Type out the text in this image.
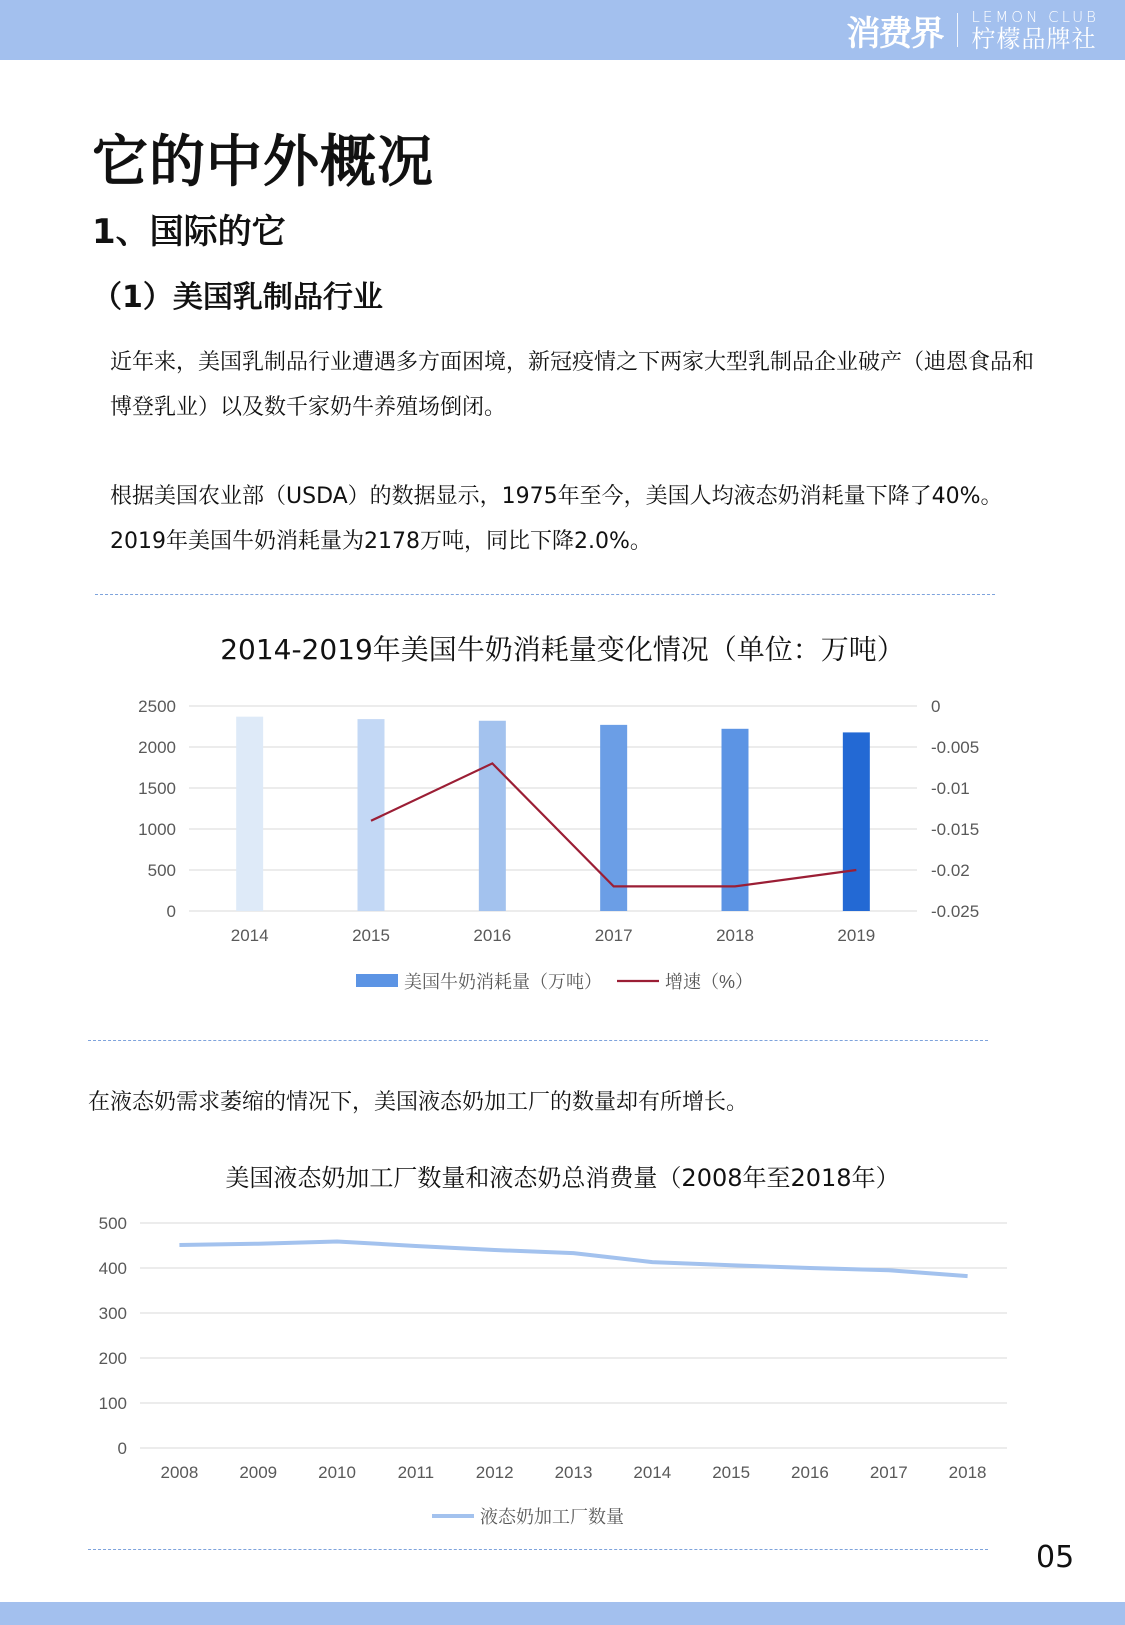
消费界 LEMON CLUB
柠檬品牌社
它的中外概况
1、国际的它
（1）美国乳制品行业

近年来，美国乳制品行业遭遇多方面困境，新冠疫情之下两家大型乳制品企业破产（迪恩食品和博登乳业）以及数千家奶牛养殖场倒闭。

根据美国农业部（USDA）的数据显示，1975年至今，美国人均液态奶消耗量下降了40%。2019年美国牛奶消耗量为2178万吨，同比下降2.0%。

2014-2019年美国牛奶消耗量变化情况（单位：万吨）
0
500
1000
1500
2000
2500
-0.025
-0.02
-0.015
-0.01
-0.005
0
2014	2015	2016	2017	2018	2019
美国牛奶消耗量（万吨）	增速（%）

在液态奶需求萎缩的情况下，美国液态奶加工厂的数量却有所增长。

美国液态奶加工厂数量和液态奶总消费量（2008年至2018年）
0
100
200
300
400
500
2008 2009 2010 2011 2012 2013 2014 2015 2016 2017 2018
液态奶加工厂数量
05
